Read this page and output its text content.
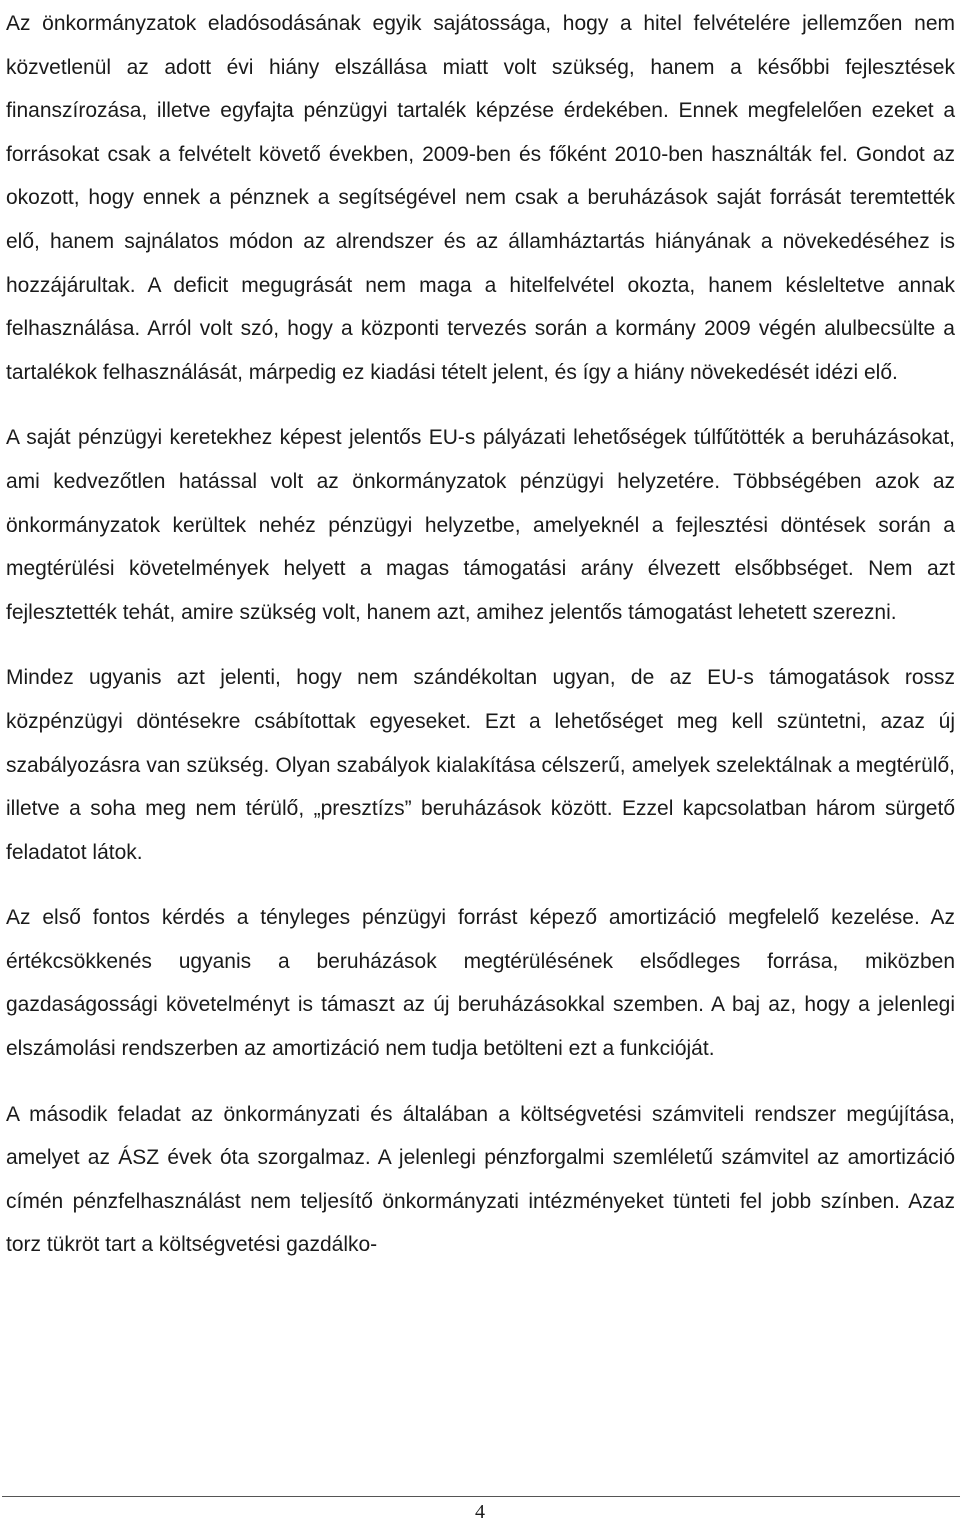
Az önkormányzatok eladósodásának egyik sajátossága, hogy a hitel felvételére jellemzően nem közvetlenül az adott évi hiány elszállása miatt volt szükség, hanem a későbbi fejlesztések finanszírozása, illetve egyfajta pénzügyi tartalék képzése érdekében. Ennek megfelelően ezeket a forrásokat csak a felvételt követő években, 2009-ben és főként 2010-ben használták fel. Gondot az okozott, hogy ennek a pénznek a segítségével nem csak a beruházások saját forrását teremtették elő, hanem sajnálatos módon az alrendszer és az államháztartás hiányának a növekedéséhez is hozzájárultak. A deficit megugrását nem maga a hitelfelvétel okozta, hanem késleltetve annak felhasználása. Arról volt szó, hogy a központi tervezés során a kormány 2009 végén alulbecsülte a tartalékok felhasználását, márpedig ez kiadási tételt jelent, és így a hiány növekedését idézi elő.

A saját pénzügyi keretekhez képest jelentős EU-s pályázati lehetőségek túlfűtötték a beruházásokat, ami kedvezőtlen hatással volt az önkormányzatok pénzügyi helyzetére. Többségében azok az önkormányzatok kerültek nehéz pénzügyi helyzetbe, amelyeknél a fejlesztési döntések során a megtérülési követelmények helyett a magas támogatási arány élvezett elsőbbséget. Nem azt fejlesztették tehát, amire szükség volt, hanem azt, amihez jelentős támogatást lehetett szerezni.

Mindez ugyanis azt jelenti, hogy nem szándékoltan ugyan, de az EU-s támogatások rossz közpénzügyi döntésekre csábítottak egyeseket. Ezt a lehetőséget meg kell szüntetni, azaz új szabályozásra van szükség. Olyan szabályok kialakítása célszerű, amelyek szelektálnak a megtérülő, illetve a soha meg nem térülő, „presztízs” beruházások között. Ezzel kapcsolatban három sürgető feladatot látok.

Az első fontos kérdés a tényleges pénzügyi forrást képező amortizáció megfelelő kezelése. Az értékcsökkenés ugyanis a beruházások megtérülésének elsődleges forrása, miközben gazdaságossági követelményt is támaszt az új beruházásokkal szemben. A baj az, hogy a jelenlegi elszámolási rendszerben az amortizáció nem tudja betölteni ezt a funkcióját.

A második feladat az önkormányzati és általában a költségvetési számviteli rendszer megújítása, amelyet az ÁSZ évek óta szorgalmaz. A jelenlegi pénzforgalmi szemléletű számvitel az amortizáció címén pénzfelhasználást nem teljesítő önkormányzati intézményeket tünteti fel jobb színben. Azaz torz tükröt tart a költségvetési gazdálko-

4
